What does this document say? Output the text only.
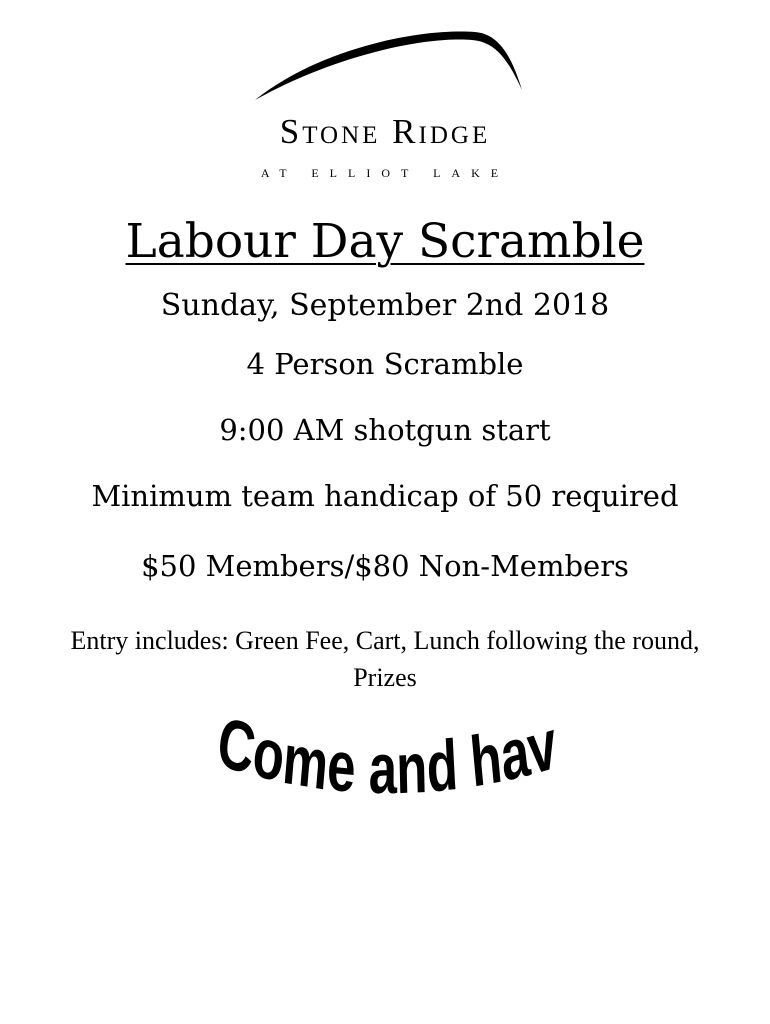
Stone Ridge
AT ELLIOT LAKE
Labour Day Scramble
Sunday, September 2nd 2018
4 Person Scramble
9:00 AM shotgun start
Minimum team handicap of 50 required
$50 Members/$80 Non-Members
Entry includes: Green Fee, Cart, Lunch following the round, Prizes
Come and hav
